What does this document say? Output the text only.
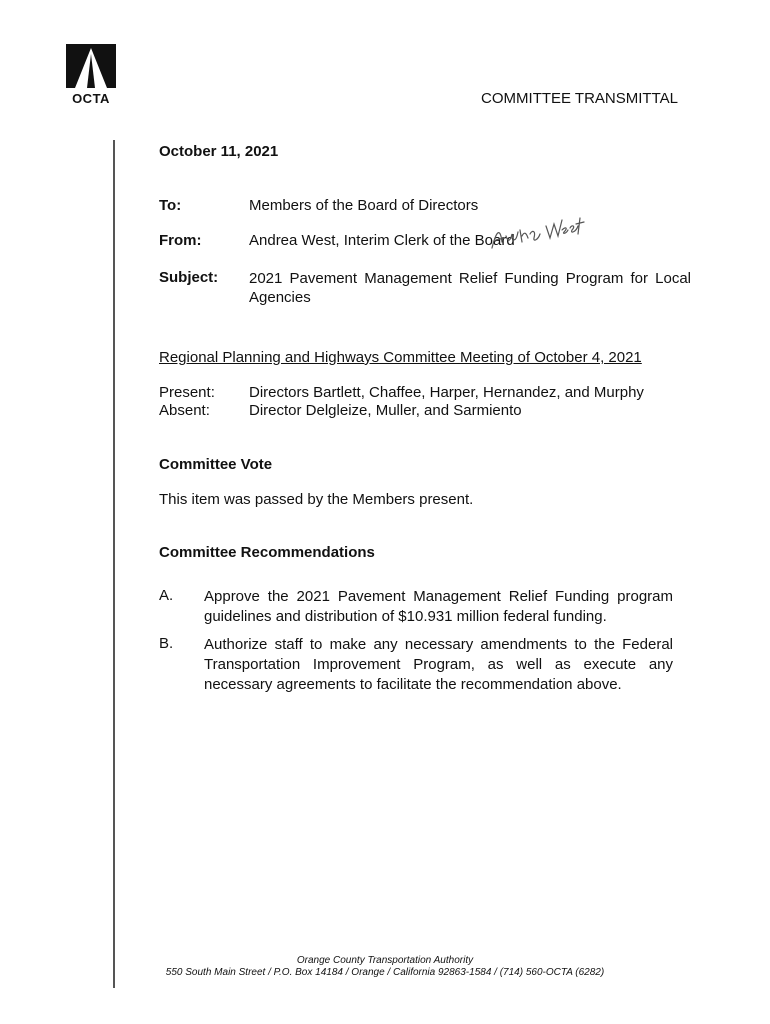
OCTA	COMMITTEE TRANSMITTAL
October 11, 2021
To:	Members of the Board of Directors
From:	Andrea West, Interim Clerk of the Board
Subject: 2021 Pavement Management Relief Funding Program for Local Agencies
Regional Planning and Highways Committee Meeting of October 4, 2021
Present: Directors Bartlett, Chaffee, Harper, Hernandez, and Murphy
Absent:	Director Delgleize, Muller, and Sarmiento
Committee Vote
This item was passed by the Members present.
Committee Recommendations
A. Approve the 2021 Pavement Management Relief Funding program guidelines and distribution of $10.931 million federal funding.
B. Authorize staff to make any necessary amendments to the Federal Transportation Improvement Program, as well as execute any necessary agreements to facilitate the recommendation above.
Orange County Transportation Authority
550 South Main Street / P.O. Box 14184 / Orange / California 92863-1584 / (714) 560-OCTA (6282)
